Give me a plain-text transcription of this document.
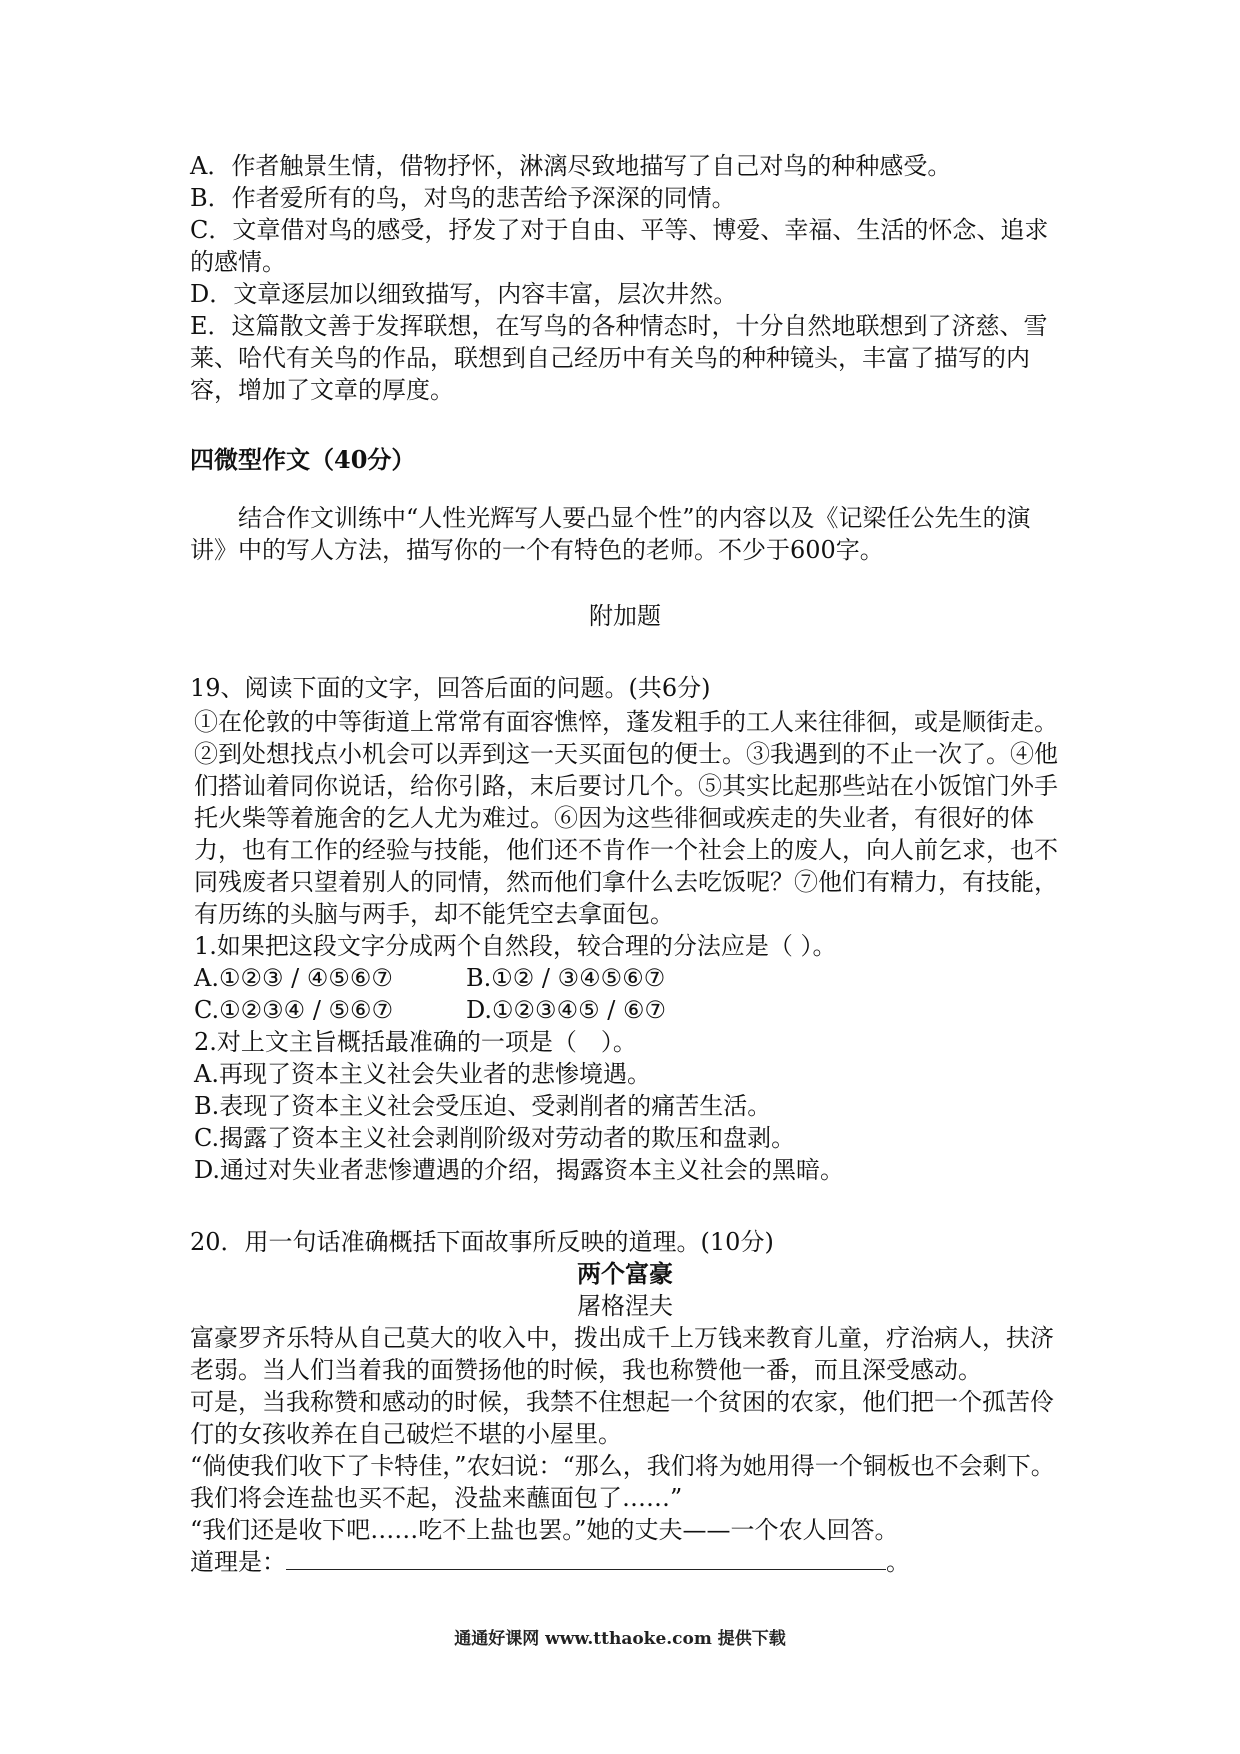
A．作者触景生情，借物抒怀，淋漓尽致地描写了自己对鸟的种种感受。
B．作者爱所有的鸟，对鸟的悲苦给予深深的同情。
C．文章借对鸟的感受，抒发了对于自由、平等、博爱、幸福、生活的怀念、追求的感情。
D．文章逐层加以细致描写，内容丰富，层次井然。
E．这篇散文善于发挥联想，在写鸟的各种情态时，十分自然地联想到了济慈、雪莱、哈代有关鸟的作品，联想到自己经历中有关鸟的种种镜头，丰富了描写的内容，增加了文章的厚度。
四微型作文（40分）
结合作文训练中“人性光辉写人要凸显个性”的内容以及《记梁任公先生的演讲》中的写人方法，描写你的一个有特色的老师。不少于600字。
附加题
19、阅读下面的文字，回答后面的问题。(共6分)
①在伦敦的中等街道上常常有面容憔悴，蓬发粗手的工人来往徘徊，或是顺街走。②到处想找点小机会可以弄到这一天买面包的便士。③我遇到的不止一次了。④他们搭讪着同你说话，给你引路，末后要讨几个。⑤其实比起那些站在小饭馆门外手托火柴等着施舍的乞人尤为难过。⑥因为这些徘徊或疾走的失业者，有很好的体力，也有工作的经验与技能，他们还不肯作一个社会上的废人，向人前乞求，也不同残废者只望着别人的同情，然而他们拿什么去吃饭呢？⑦他们有精力，有技能，有历练的头脑与两手，却不能凭空去拿面包。
1.如果把这段文字分成两个自然段，较合理的分法应是（ ）。
A.①②③ / ④⑤⑥⑦	B.①② / ③④⑤⑥⑦
C.①②③④ / ⑤⑥⑦	D.①②③④⑤ / ⑥⑦
2.对上文主旨概括最准确的一项是（　）。
A.再现了资本主义社会失业者的悲惨境遇。
B.表现了资本主义社会受压迫、受剥削者的痛苦生活。
C.揭露了资本主义社会剥削阶级对劳动者的欺压和盘剥。
D.通过对失业者悲惨遭遇的介绍，揭露资本主义社会的黑暗。
20．用一句话准确概括下面故事所反映的道理。(10分)
两个富豪
屠格涅夫
富豪罗齐乐特从自己莫大的收入中，拨出成千上万钱来教育儿童，疗治病人，扶济老弱。当人们当着我的面赞扬他的时候，我也称赞他一番，而且深受感动。
可是，当我称赞和感动的时候，我禁不住想起一个贫困的农家，他们把一个孤苦伶仃的女孩收养在自己破烂不堪的小屋里。
“倘使我们收下了卡特佳，”农妇说：“那么，我们将为她用得一个铜板也不会剩下。我们将会连盐也买不起，没盐来蘸面包了……”
“我们还是收下吧……吃不上盐也罢。”她的丈夫——一个农人回答。
道理是：	。
通通好课网 www.tthaoke.com 提供下载
